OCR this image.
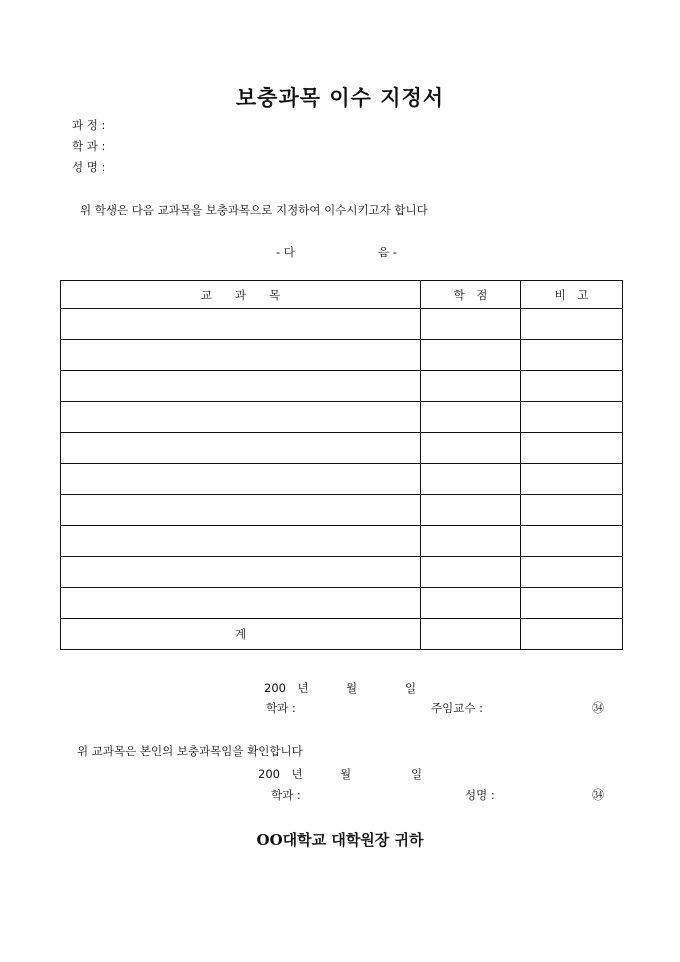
보충과목 이수 지정서
과 정 :
학 과 :
성 명 :
위 학생은 다음 교과목을 보충과목으로 지정하여 이수시키고자 합니다
- 다	음 -
교　　과　　목	학　점	비　고

계		
200　년	월	일
학과 :	주임교수 :	㉞
위 교과목은 본인의 보충과목임을 확인합니다
200　년	월	일
학과 :	성명 :	㉞
OO대학교 대학원장 귀하
